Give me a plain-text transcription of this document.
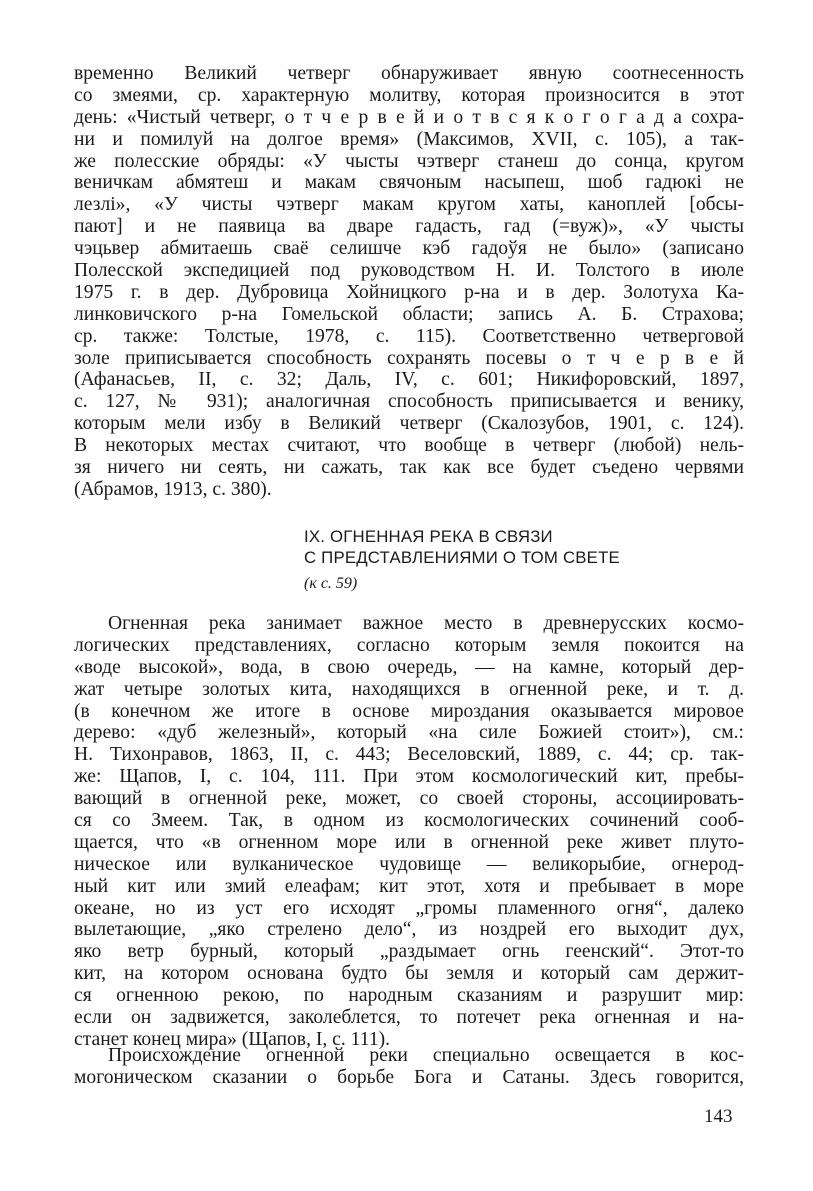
временно Великий четверг обнаруживает явную соотнесенность
со змеями, ср. характерную молитву, которая произносится в этот
день: «Чистый четверг, о т ч е р в е й и о т в с я к о г о г а д а сохра-
ни и помилуй на долгое время» (Максимов, XVII, с. 105), а так-
же полесские обряды: «У чысты чэтверг станеш до сонца, кругом
веничкам абмятеш и макам свячоным насыпеш, шоб гадюкі не
лезлі», «У чисты чэтверг макам кругом хаты, каноплей [обсы-
пают] и не паявица ва дваре гадасть, гад (=вуж)», «У чысты
чэцьвер абмитаешь сваё селишче кэб гадоўя не было» (записано
Полесской экспедицией под руководством Н. И. Толстого в июле
1975 г. в дер. Дубровица Хойницкого р-на и в дер. Золотуха Ка-
линковичского р-на Гомельской области; запись А. Б. Страхова;
ср. также: Толстые, 1978, с. 115). Соответственно четверговой
золе приписывается способность сохранять посевы о т ч е р в е й
(Афанасьев, II, с. 32; Даль, IV, с. 601; Никифоровский, 1897,
с. 127, № 931); аналогичная способность приписывается и венику,
которым мели избу в Великий четверг (Скалозубов, 1901, с. 124).
В некоторых местах считают, что вообще в четверг (любой) нель-
зя ничего ни сеять, ни сажать, так как все будет съедено червями
(Абрамов, 1913, с. 380).
IX. ОГНЕННАЯ РЕКА В СВЯЗИ
С ПРЕДСТАВЛЕНИЯМИ О ТОМ СВЕТЕ
(к с. 59)
Огненная река занимает важное место в древнерусских космо-
логических представлениях, согласно которым земля покоится на
«воде высокой», вода, в свою очередь, — на камне, который дер-
жат четыре золотых кита, находящихся в огненной реке, и т. д.
(в конечном же итоге в основе мироздания оказывается мировое
дерево: «дуб железный», который «на силе Божией стоит»), см.:
Н. Тихонравов, 1863, II, с. 443; Веселовский, 1889, с. 44; ср. так-
же: Щапов, I, с. 104, 111. При этом космологический кит, пребы-
вающий в огненной реке, может, со своей стороны, ассоциировать-
ся со Змеем. Так, в одном из космологических сочинений сооб-
щается, что «в огненном море или в огненной реке живет плуто-
ническое или вулканическое чудовище — великорыбие, огнерод-
ный кит или змий елеафам; кит этот, хотя и пребывает в море
океане, но из уст его исходят „громы пламенного огня“, далеко
вылетающие, „яко стрелено дело“, из ноздрей его выходит дух,
яко ветр бурный, который „раздымает огнь геенский“. Этот-то
кит, на котором основана будто бы земля и который сам держит-
ся огненною рекою, по народным сказаниям и разрушит мир:
если он задвижется, заколеблется, то потечет река огненная и на-
станет конец мира» (Щапов, I, с. 111).
Происхождение огненной реки специально освещается в кос-
могоническом сказании о борьбе Бога и Сатаны. Здесь говорится,
143
